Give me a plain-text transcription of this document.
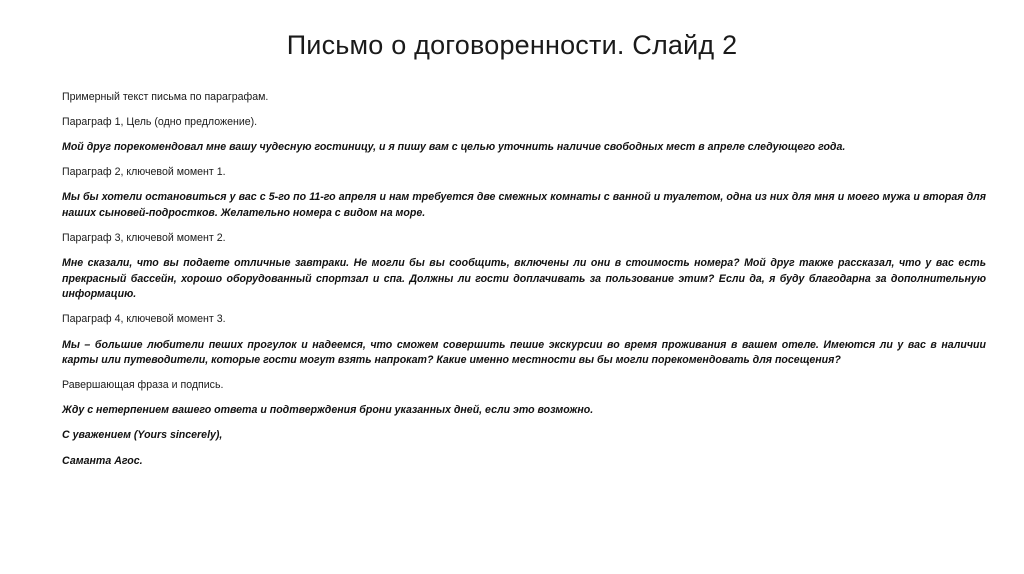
Письмо о договоренности. Слайд 2

Примерный текст письма по параграфам.

Параграф 1, Цель (одно предложение).

Мой друг порекомендовал мне вашу чудесную гостиницу, и я пишу вам с целью уточнить наличие свободных мест в апреле следующего года.

Параграф 2, ключевой момент 1.

Мы бы хотели остановиться у вас с 5-го по 11-го апреля и нам требуется две смежных комнаты с ванной и туалетом, одна из них для мня и моего мужа и вторая для наших сыновей-подростков. Желательно номера с видом на море.

Параграф 3, ключевой момент 2.

Мне сказали, что вы подаете отличные завтраки. Не могли бы вы сообщить, включены ли они в стоимость номера? Мой друг также рассказал, что у вас есть прекрасный бассейн, хорошо оборудованный спортзал и спа. Должны ли гости доплачивать за пользование этим? Если да, я буду благодарна за дополнительную информацию.

Параграф 4, ключевой момент 3.

Мы – большие любители пеших прогулок и надеемся, что сможем совершить пешие экскурсии во время проживания в вашем отеле. Имеются ли у вас в наличии карты или путеводители, которые гости могут взять напрокат? Какие именно местности вы бы могли порекомендовать для посещения?

Равершающая фраза и подпись.

Жду с нетерпением вашего ответа и подтверждения брони указанных дней, если это возможно.

С уважением (Yours sincerely),

Саманта Агос.
